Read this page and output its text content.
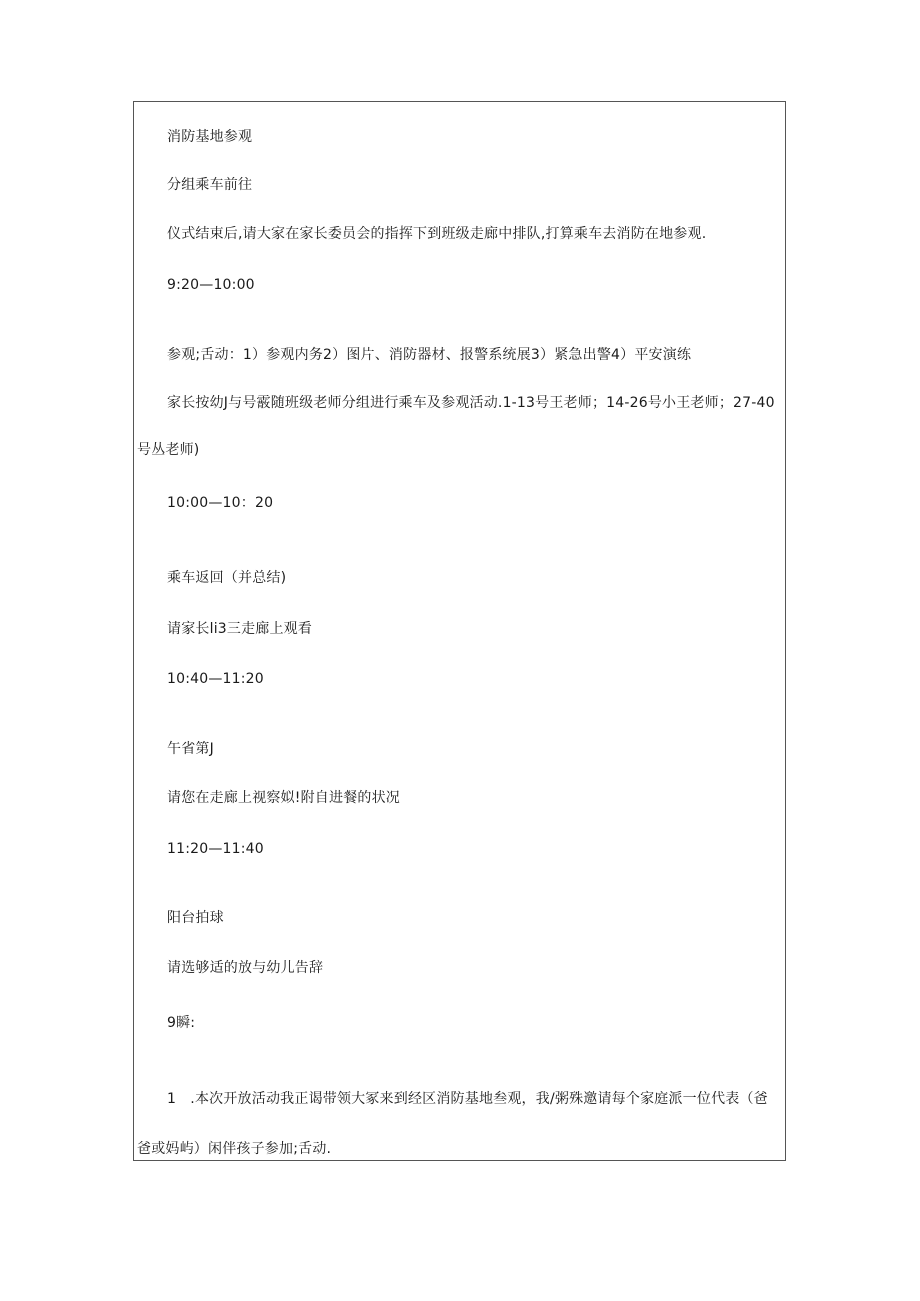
消防基地参观
分组乘车前往
仪式结束后,请大家在家长委员会的指挥下到班级走廊中排队,打算乘车去消防在地参观.
9:20—10:00
参观;舌动：1）参观内务2）图片、消防器材、报警系统展3）紧急出警4）平安演练
家长按幼J与号霰随班级老师分组进行乘车及参观活动.1-13号王老师；14-26号小王老师；27-40
号丛老师)
10:00—10：20
乘车返回（并总结)
请家长li3三走廊上观看
10:40—11:20
午省第J
请您在走廊上视察姒!附自进餐的状况
11:20—11:40
阳台拍球
请选够适的放与幼儿告辞
9瞬:
1　.本次开放活动我正谒带领大冢来到经区消防基地叁观，我/粥殊邀请每个家庭派一位代表（爸
爸或妈屿）闲伴孩子参加;舌动.
